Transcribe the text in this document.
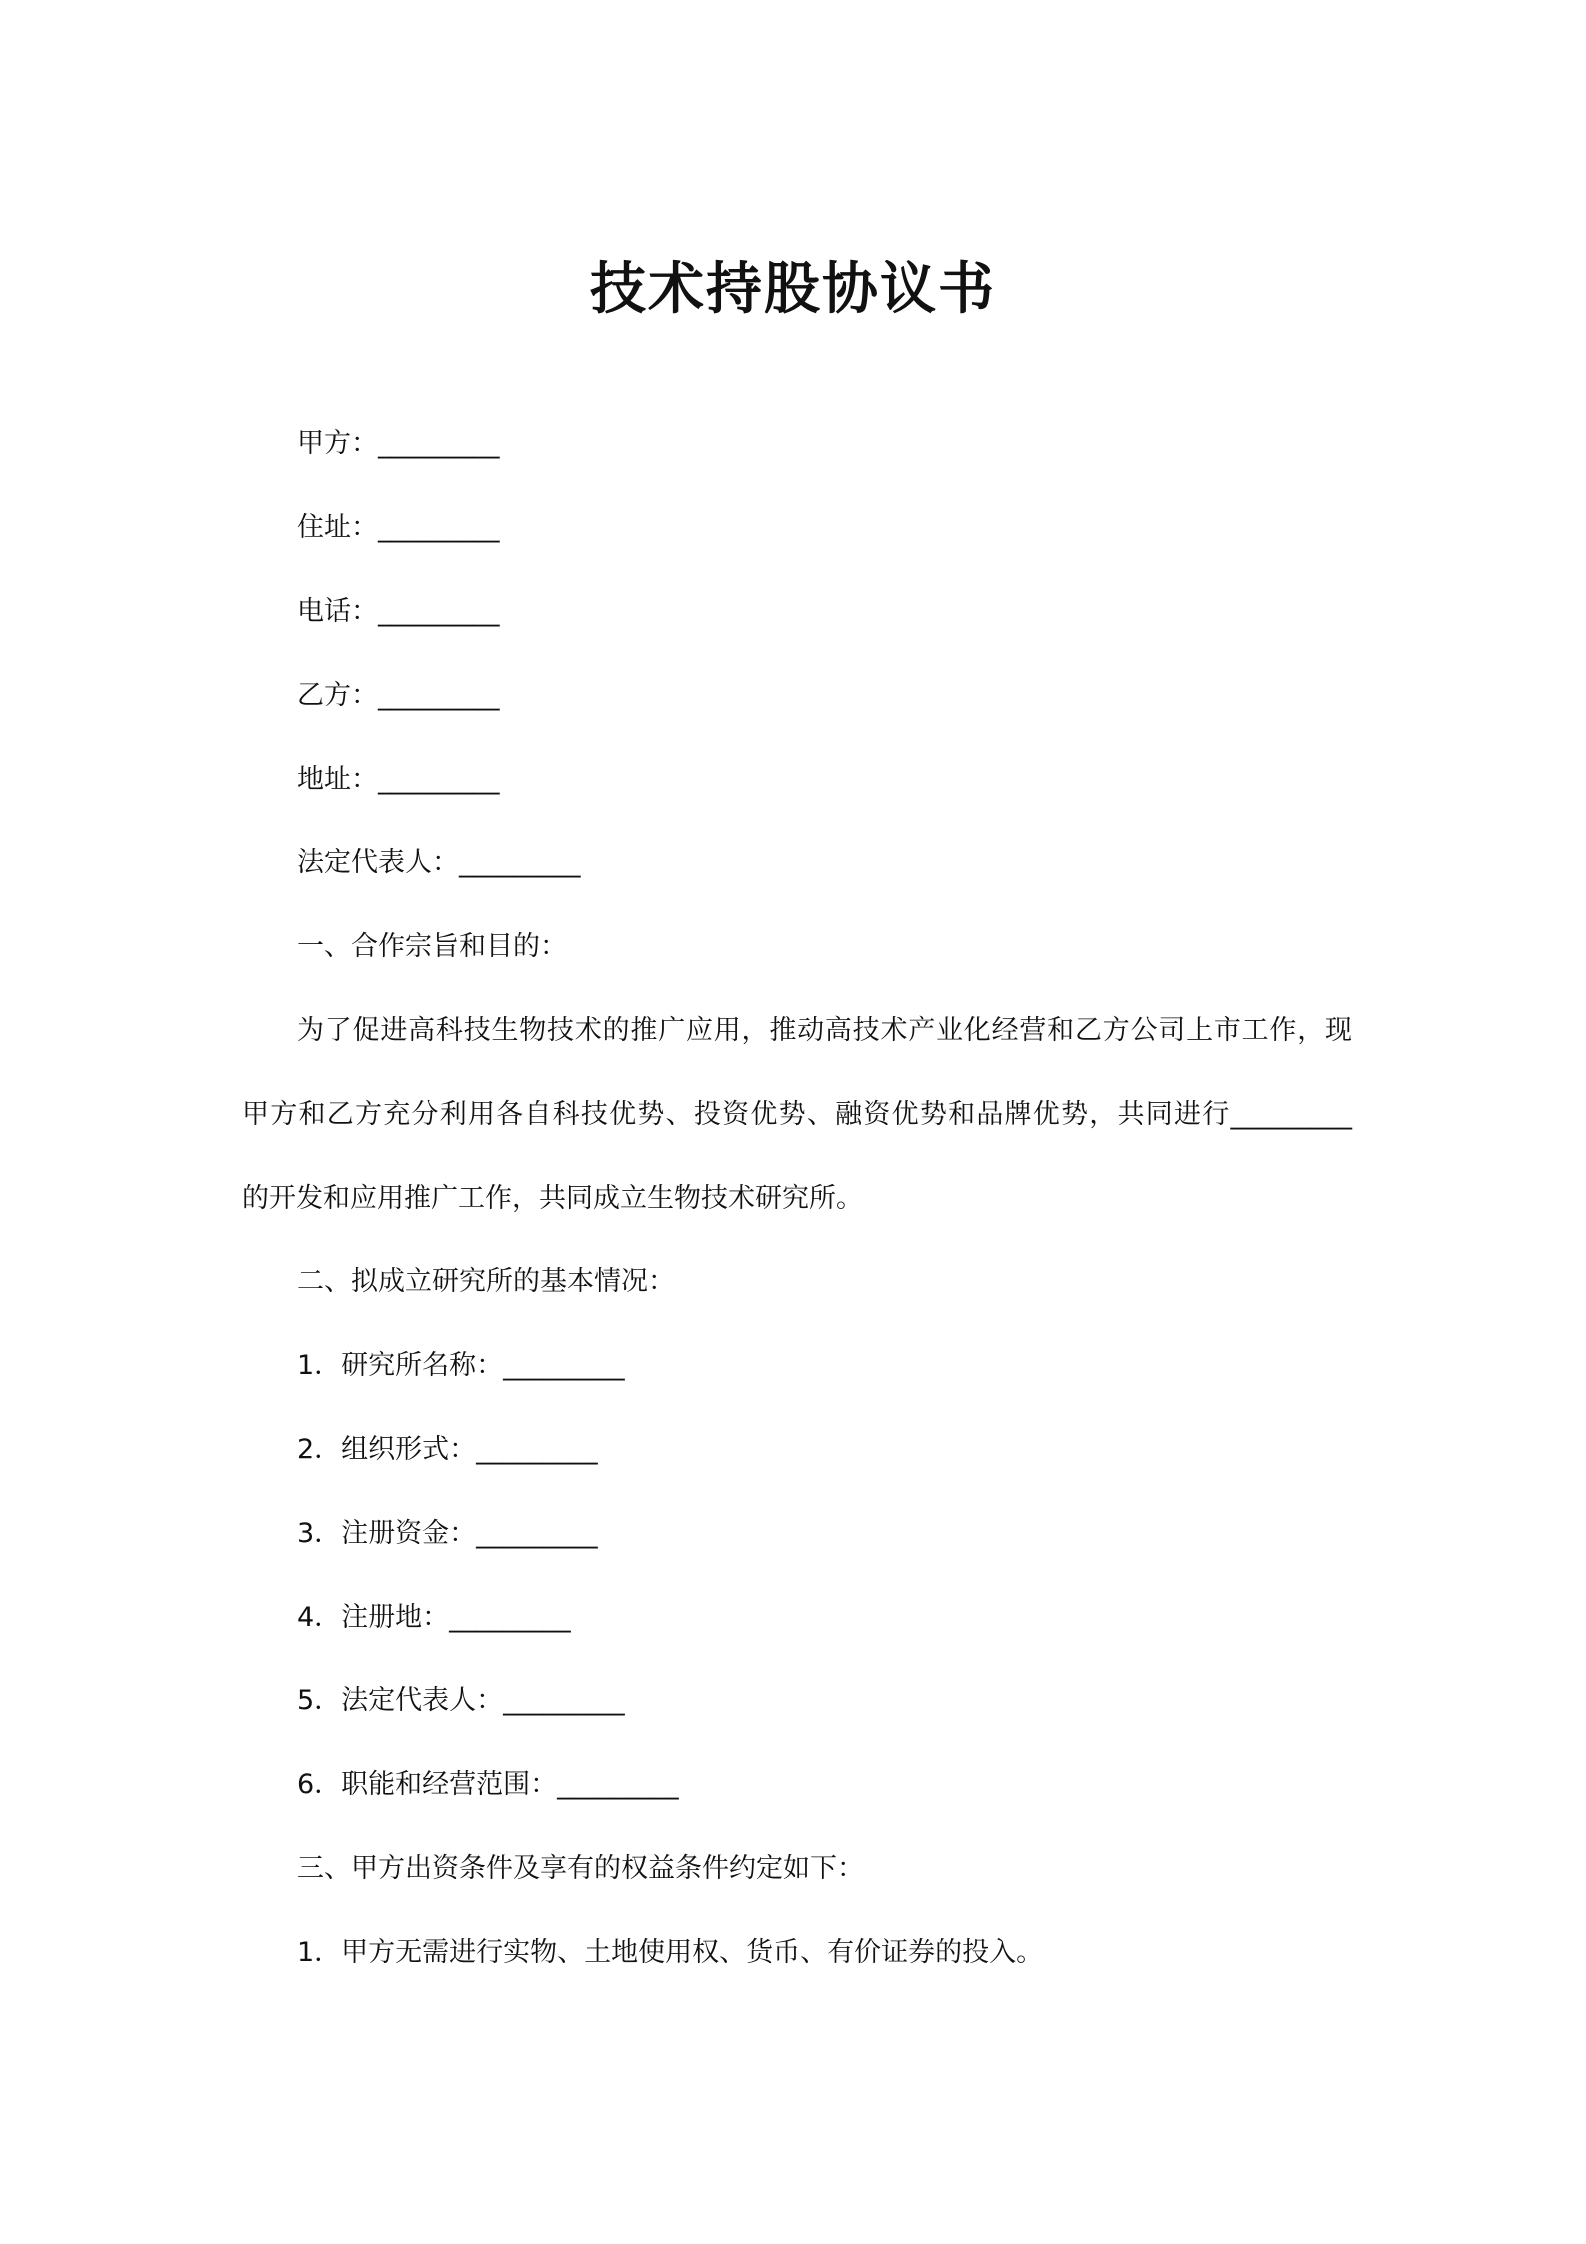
技术持股协议书
甲方：_________
住址：_________
电话：_________
乙方：_________
地址：_________
法定代表人：_________
一、合作宗旨和目的：
为了促进高科技生物技术的推广应用，推动高技术产业化经营和乙方公司上市工作，现
甲方和乙方充分利用各自科技优势、投资优势、融资优势和品牌优势，共同进行_________
的开发和应用推广工作，共同成立生物技术研究所。
二、拟成立研究所的基本情况：
1．研究所名称：_________
2．组织形式：_________
3．注册资金：_________
4．注册地：_________
5．法定代表人：_________
6．职能和经营范围：_________
三、甲方出资条件及享有的权益条件约定如下：
1．甲方无需进行实物、土地使用权、货币、有价证券的投入。
